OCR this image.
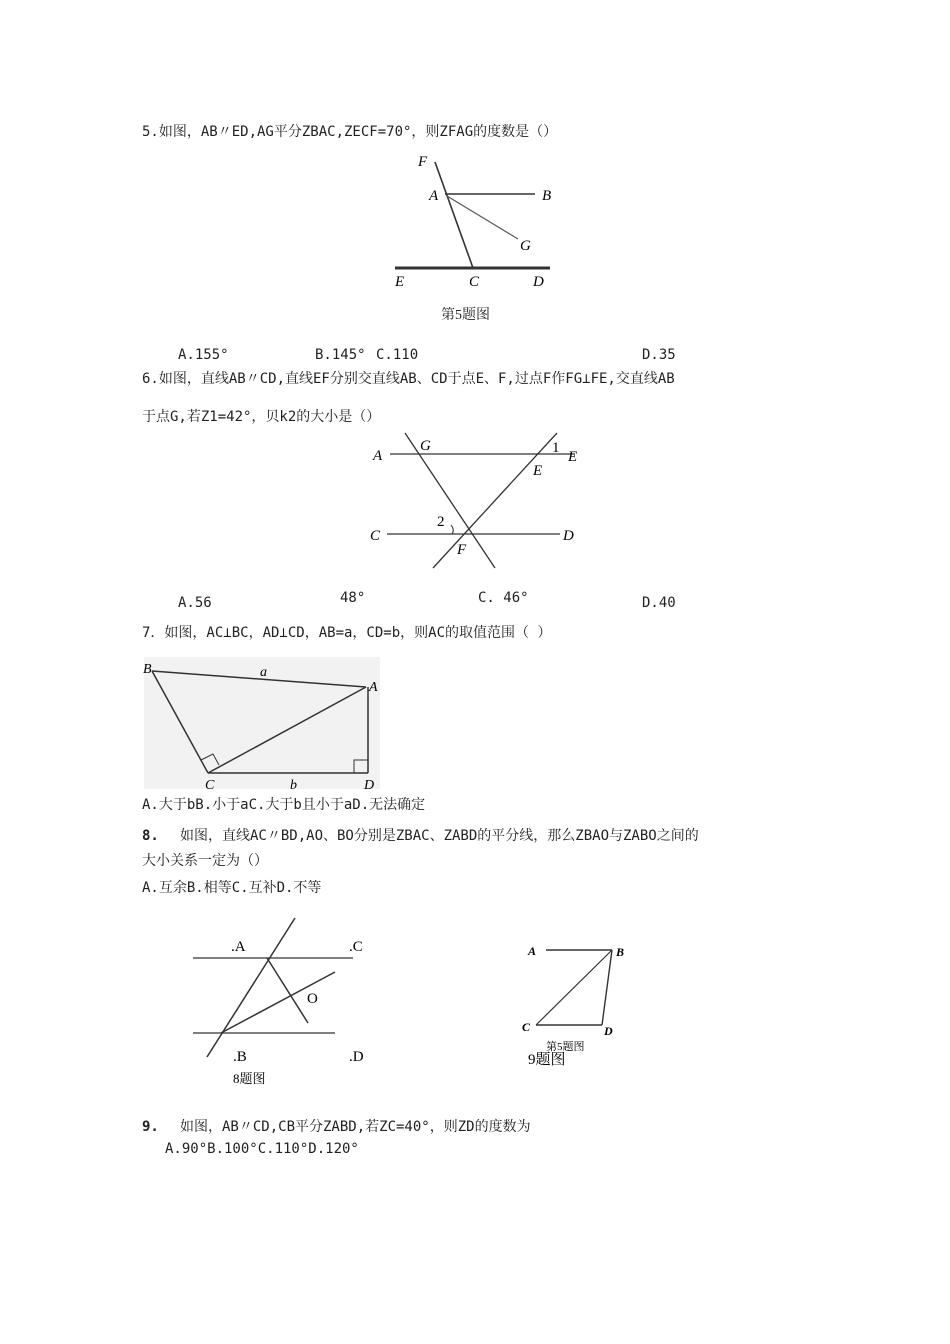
5.如图，AB〃ED,AG平分ZBAC,ZECF=70°，则ZFAG的度数是（）
F
A	B
G
E	C	D
第5题图
A.155°	B.145° C.110	D.35
6.如图，直线AB〃CD,直线EF分别交直线AB、CD于点E、F,过点F作FG⊥FE,交直线AB
于点G,若Z1=42°，贝k2的大小是（）
A
G	1
E
E
2
C
F
D
A.56	48°	C. 46°	D.40
7．如图，AC⊥BC，AD⊥CD，AB=a，CD=b，则AC的取值范围（ ）
B	a
A
C	b	D
A.大于bB.小于aC.大于b且小于aD.无法确定
8. 如图，直线AC〃BD,AO、BO分别是ZBAC、ZABD的平分线，那么ZBAO与ZABO之间的
大小关系一定为（）
A.互余B.相等C.互补D.不等
.A	.C
O
.B	.D
8题图
A	B
C	D
第5题图
9题图
9. 如图，AB〃CD,CB平分ZABD,若ZC=40°，则ZD的度数为
A.90°B.100°C.110°D.120°
